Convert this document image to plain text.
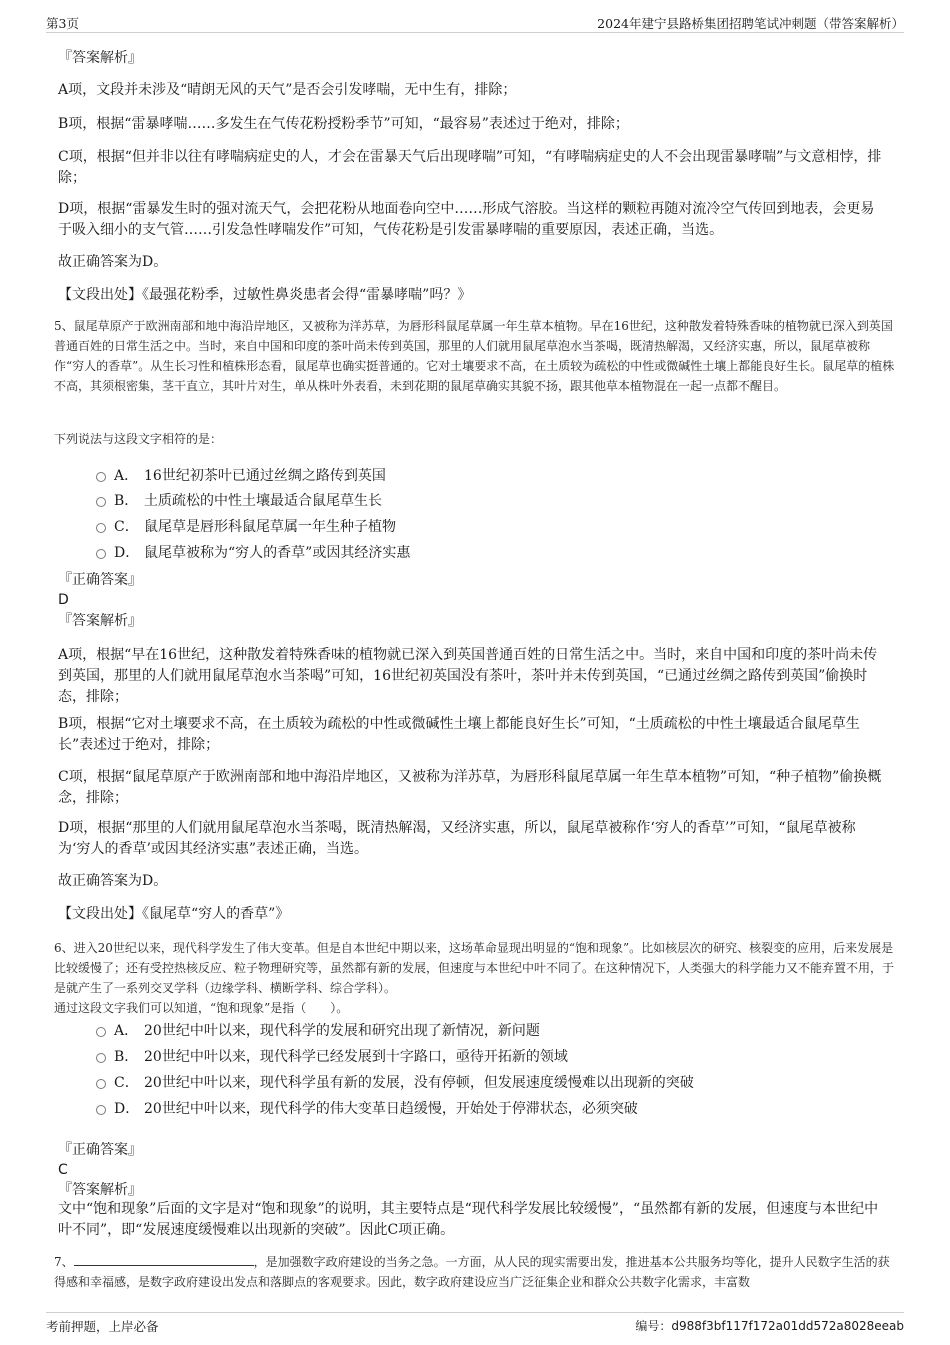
第3页	2024年建宁县路桥集团招聘笔试冲刺题（带答案解析）

『答案解析』

A项，文段并未涉及“晴朗无风的天气”是否会引发哮喘，无中生有，排除；

B项，根据“雷暴哮喘……多发生在气传花粉授粉季节”可知，“最容易”表述过于绝对，排除；

C项，根据“但并非以往有哮喘病症史的人，才会在雷暴天气后出现哮喘”可知，“有哮喘病症史的人不会出现雷暴哮喘”与文意相悖，排除；

D项，根据“雷暴发生时的强对流天气，会把花粉从地面卷向空中……形成气溶胶。当这样的颗粒再随对流冷空气传回到地表，会更易于吸入细小的支气管……引发急性哮喘发作”可知，气传花粉是引发雷暴哮喘的重要原因，表述正确，当选。

故正确答案为D。

【文段出处】《最强花粉季，过敏性鼻炎患者会得“雷暴哮喘”吗？》

5、鼠尾草原产于欧洲南部和地中海沿岸地区，又被称为洋苏草，为唇形科鼠尾草属一年生草本植物。早在16世纪，这种散发着特殊香味的植物就已深入到英国普通百姓的日常生活之中。当时，来自中国和印度的茶叶尚未传到英国，那里的人们就用鼠尾草泡水当茶喝，既清热解渴，又经济实惠，所以，鼠尾草被称作“穷人的香草”。从生长习性和植株形态看，鼠尾草也确实挺普通的。它对土壤要求不高，在土质较为疏松的中性或微碱性土壤上都能良好生长。鼠尾草的植株不高，其须根密集，茎干直立，其叶片对生，单从株叶外表看，未到花期的鼠尾草确实其貌不扬，跟其他草本植物混在一起一点都不醒目。

下列说法与这段文字相符的是：

A． 16世纪初茶叶已通过丝绸之路传到英国
B． 土质疏松的中性土壤最适合鼠尾草生长
C． 鼠尾草是唇形科鼠尾草属一年生种子植物
D． 鼠尾草被称为“穷人的香草”或因其经济实惠

『正确答案』

D

『答案解析』

A项，根据“早在16世纪，这种散发着特殊香味的植物就已深入到英国普通百姓的日常生活之中。当时，来自中国和印度的茶叶尚未传到英国，那里的人们就用鼠尾草泡水当茶喝”可知，16世纪初英国没有茶叶，茶叶并未传到英国，“已通过丝绸之路传到英国”偷换时态，排除；

B项，根据“它对土壤要求不高，在土质较为疏松的中性或微碱性土壤上都能良好生长”可知，“土质疏松的中性土壤最适合鼠尾草生长”表述过于绝对，排除；

C项，根据“鼠尾草原产于欧洲南部和地中海沿岸地区，又被称为洋苏草，为唇形科鼠尾草属一年生草本植物”可知，“种子植物”偷换概念，排除；

D项，根据“那里的人们就用鼠尾草泡水当茶喝，既清热解渴，又经济实惠，所以，鼠尾草被称作‘穷人的香草’”可知，“鼠尾草被称为‘穷人的香草’或因其经济实惠”表述正确，当选。

故正确答案为D。

【文段出处】《鼠尾草“穷人的香草”》

6、进入20世纪以来，现代科学发生了伟大变革。但是自本世纪中期以来，这场革命显现出明显的“饱和现象”。比如核层次的研究、核裂变的应用，后来发展是比较缓慢了；还有受控热核反应、粒子物理研究等，虽然都有新的发展，但速度与本世纪中叶不同了。在这种情况下，人类强大的科学能力又不能弃置不用，于是就产生了一系列交叉学科（边缘学科、横断学科、综合学科）。

通过这段文字我们可以知道，“饱和现象”是指（　　）。

A． 20世纪中叶以来，现代科学的发展和研究出现了新情况，新问题
B． 20世纪中叶以来，现代科学已经发展到十字路口，亟待开拓新的领域
C． 20世纪中叶以来，现代科学虽有新的发展，没有停顿，但发展速度缓慢难以出现新的突破
D． 20世纪中叶以来，现代科学的伟大变革日趋缓慢，开始处于停滞状态，必须突破

『正确答案』

C

『答案解析』

文中“饱和现象”后面的文字是对“饱和现象”的说明，其主要特点是“现代科学发展比较缓慢”，“虽然都有新的发展，但速度与本世纪中叶不同”，即“发展速度缓慢难以出现新的突破”。因此C项正确。

7、	，是加强数字政府建设的当务之急。一方面，从人民的现实需要出发，推进基本公共服务均等化，提升人民数字生活的获得感和幸福感，是数字政府建设出发点和落脚点的客观要求。因此，数字政府建设应当广泛征集企业和群众公共数字化需求，丰富数

考前押题，上岸必备	编号：d988f3bf117f172a01dd572a8028eeab
